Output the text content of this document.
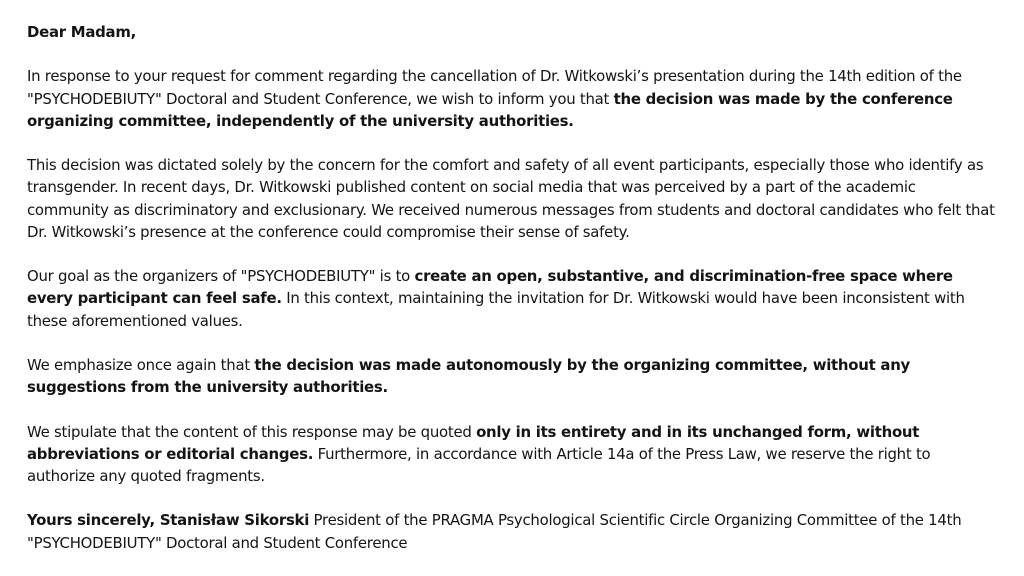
Dear Madam,

In response to your request for comment regarding the cancellation of Dr. Witkowski’s presentation during the 14th edition of the "PSYCHODEBIUTY" Doctoral and Student Conference, we wish to inform you that the decision was made by the conference organizing committee, independently of the university authorities.

This decision was dictated solely by the concern for the comfort and safety of all event participants, especially those who identify as transgender. In recent days, Dr. Witkowski published content on social media that was perceived by a part of the academic community as discriminatory and exclusionary. We received numerous messages from students and doctoral candidates who felt that Dr. Witkowski’s presence at the conference could compromise their sense of safety.

Our goal as the organizers of "PSYCHODEBIUTY" is to create an open, substantive, and discrimination-free space where every participant can feel safe. In this context, maintaining the invitation for Dr. Witkowski would have been inconsistent with these aforementioned values.

We emphasize once again that the decision was made autonomously by the organizing committee, without any suggestions from the university authorities.

We stipulate that the content of this response may be quoted only in its entirety and in its unchanged form, without abbreviations or editorial changes. Furthermore, in accordance with Article 14a of the Press Law, we reserve the right to authorize any quoted fragments.

Yours sincerely, Stanisław Sikorski President of the PRAGMA Psychological Scientific Circle Organizing Committee of the 14th "PSYCHODEBIUTY" Doctoral and Student Conference
